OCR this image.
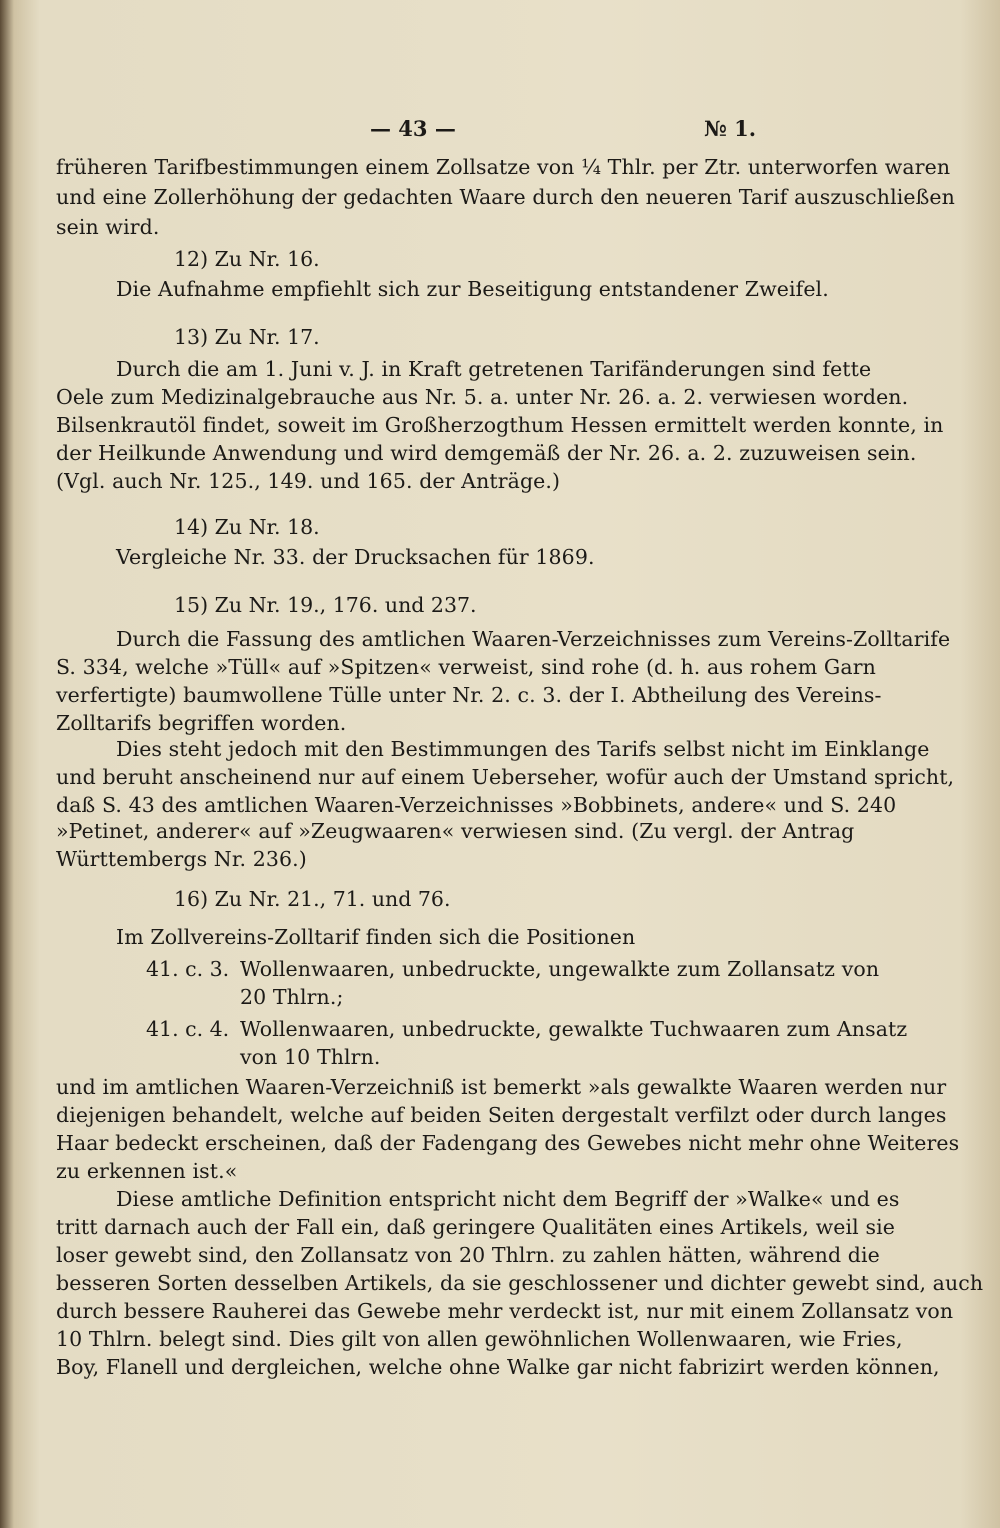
— 43 —	№ 1.
früheren Tarifbestimmungen einem Zollsatze von ¼ Thlr. per Ztr. unterworfen waren
und eine Zollerhöhung der gedachten Waare durch den neueren Tarif auszuschließen
sein wird.
12) Zu Nr. 16.
Die Aufnahme empfiehlt sich zur Beseitigung entstandener Zweifel.
13) Zu Nr. 17.
Durch die am 1. Juni v. J. in Kraft getretenen Tarifänderungen sind fette
Oele zum Medizinalgebrauche aus Nr. 5. a. unter Nr. 26. a. 2. verwiesen worden.
Bilsenkrautöl findet, soweit im Großherzogthum Hessen ermittelt werden konnte, in
der Heilkunde Anwendung und wird demgemäß der Nr. 26. a. 2. zuzuweisen sein.
(Vgl. auch Nr. 125., 149. und 165. der Anträge.)
14) Zu Nr. 18.
Vergleiche Nr. 33. der Drucksachen für 1869.
15) Zu Nr. 19., 176. und 237.
Durch die Fassung des amtlichen Waaren-Verzeichnisses zum Vereins-Zolltarife
S. 334, welche »Tüll« auf »Spitzen« verweist, sind rohe (d. h. aus rohem Garn
verfertigte) baumwollene Tülle unter Nr. 2. c. 3. der I. Abtheilung des Vereins-
Zolltarifs begriffen worden.
Dies steht jedoch mit den Bestimmungen des Tarifs selbst nicht im Einklange
und beruht anscheinend nur auf einem Ueberseher, wofür auch der Umstand spricht,
daß S. 43 des amtlichen Waaren-Verzeichnisses »Bobbinets, andere« und S. 240
»Petinet, anderer« auf »Zeugwaaren« verwiesen sind. (Zu vergl. der Antrag
Württembergs Nr. 236.)
16) Zu Nr. 21., 71. und 76.
Im Zollvereins-Zolltarif finden sich die Positionen
41. c. 3. Wollenwaaren, unbedruckte, ungewalkte zum Zollansatz von
20 Thlrn.;
41. c. 4. Wollenwaaren, unbedruckte, gewalkte Tuchwaaren zum Ansatz
von 10 Thlrn.
und im amtlichen Waaren-Verzeichniß ist bemerkt »als gewalkte Waaren werden nur
diejenigen behandelt, welche auf beiden Seiten dergestalt verfilzt oder durch langes
Haar bedeckt erscheinen, daß der Fadengang des Gewebes nicht mehr ohne Weiteres
zu erkennen ist.«
Diese amtliche Definition entspricht nicht dem Begriff der »Walke« und es
tritt darnach auch der Fall ein, daß geringere Qualitäten eines Artikels, weil sie
loser gewebt sind, den Zollansatz von 20 Thlrn. zu zahlen hätten, während die
besseren Sorten desselben Artikels, da sie geschlossener und dichter gewebt sind, auch
durch bessere Rauherei das Gewebe mehr verdeckt ist, nur mit einem Zollansatz von
10 Thlrn. belegt sind. Dies gilt von allen gewöhnlichen Wollenwaaren, wie Fries,
Boy, Flanell und dergleichen, welche ohne Walke gar nicht fabrizirt werden können,
